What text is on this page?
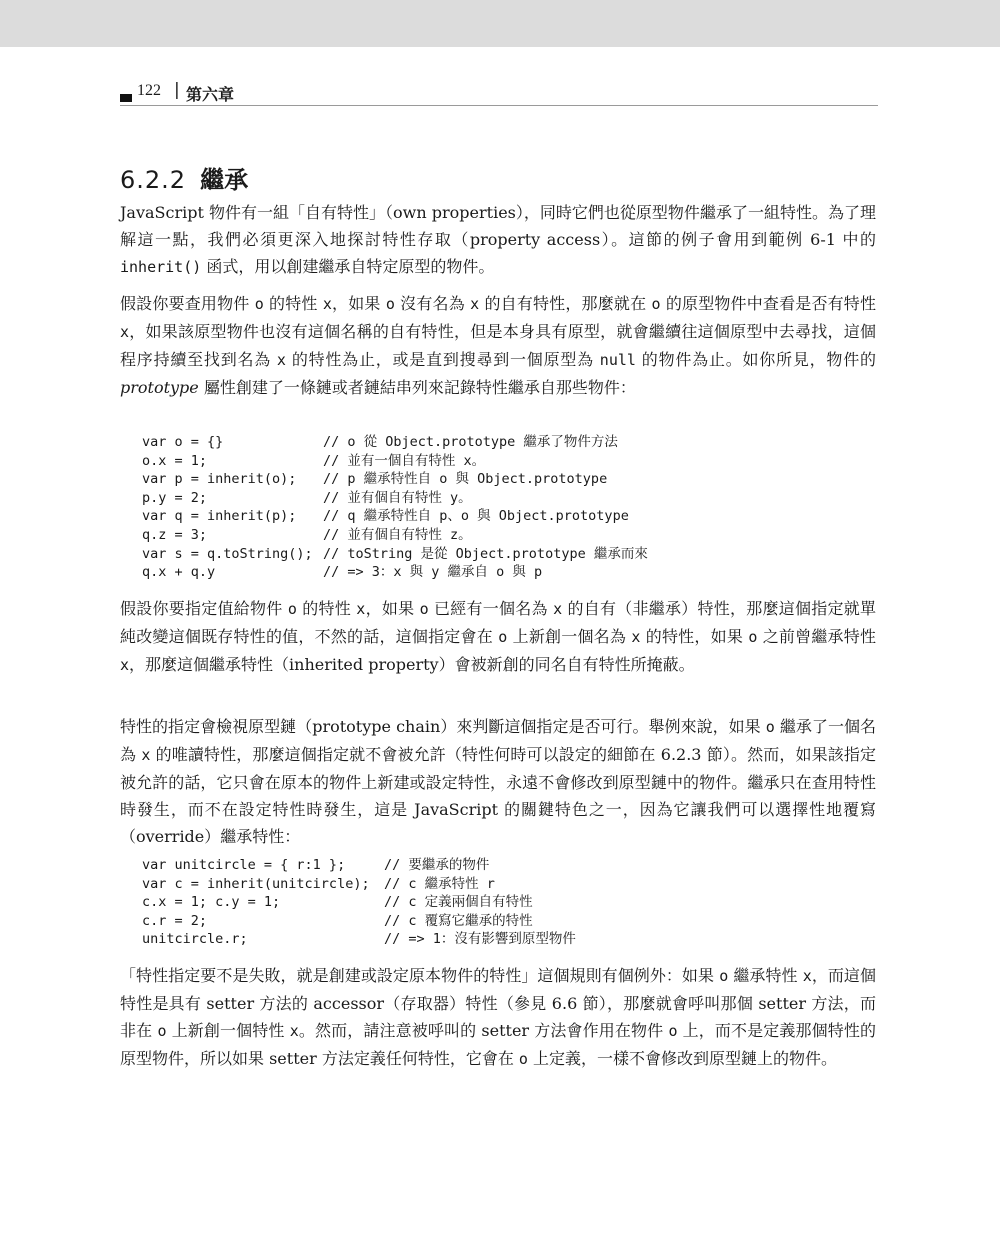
122 | 第六章
6.2.2 繼承
JavaScript 物件有一組「自有特性」（own properties），同時它們也從原型物件繼承了一組特性。為了理解這一點，我們必須更深入地探討特性存取（property access）。這節的例子會用到範例 6-1 中的 inherit() 函式，用以創建繼承自特定原型的物件。
假設你要查用物件 o 的特性 x，如果 o 沒有名為 x 的自有特性，那麼就在 o 的原型物件中查看是否有特性 x，如果該原型物件也沒有這個名稱的自有特性，但是本身具有原型，就會繼續往這個原型中去尋找，這個程序持續至找到名為 x 的特性為止，或是直到搜尋到一個原型為 null 的物件為止。如你所見，物件的 prototype 屬性創建了一條鏈或者鏈結串列來記錄特性繼承自那些物件：
var o = {}	// o 從 Object.prototype 繼承了物件方法
o.x = 1;	// 並有一個自有特性 x。
var p = inherit(o); // p 繼承特性自 o 與 Object.prototype
p.y = 2;	// 並有個自有特性 y。
var q = inherit(p); // q 繼承特性自 p、o 與 Object.prototype
q.z = 3;	// 並有個自有特性 z。
var s = q.toString(); // toString 是從 Object.prototype 繼承而來
q.x + q.y	// => 3：x 與 y 繼承自 o 與 p
假設你要指定值給物件 o 的特性 x，如果 o 已經有一個名為 x 的自有（非繼承）特性，那麼這個指定就單純改變這個既存特性的值，不然的話，這個指定會在 o 上新創一個名為 x 的特性，如果 o 之前曾繼承特性 x，那麼這個繼承特性（inherited property）會被新創的同名自有特性所掩蔽。
特性的指定會檢視原型鏈（prototype chain）來判斷這個指定是否可行。舉例來說，如果 o 繼承了一個名為 x 的唯讀特性，那麼這個指定就不會被允許（特性何時可以設定的細節在 6.2.3 節）。然而，如果該指定被允許的話，它只會在原本的物件上新建或設定特性，永遠不會修改到原型鏈中的物件。繼承只在查用特性時發生，而不在設定特性時發生，這是 JavaScript 的關鍵特色之一，因為它讓我們可以選擇性地覆寫（override）繼承特性：
var unitcircle = { r:1 };	// 要繼承的物件
var c = inherit(unitcircle); // c 繼承特性 r
c.x = 1; c.y = 1;	// c 定義兩個自有特性
c.r = 2;	// c 覆寫它繼承的特性
unitcircle.r;	// => 1：沒有影響到原型物件
「特性指定要不是失敗，就是創建或設定原本物件的特性」這個規則有個例外：如果 o 繼承特性 x，而這個特性是具有 setter 方法的 accessor（存取器）特性（參見 6.6 節），那麼就會呼叫那個 setter 方法，而非在 o 上新創一個特性 x。然而，請注意被呼叫的 setter 方法會作用在物件 o 上，而不是定義那個特性的原型物件，所以如果 setter 方法定義任何特性，它會在 o 上定義，一樣不會修改到原型鏈上的物件。
